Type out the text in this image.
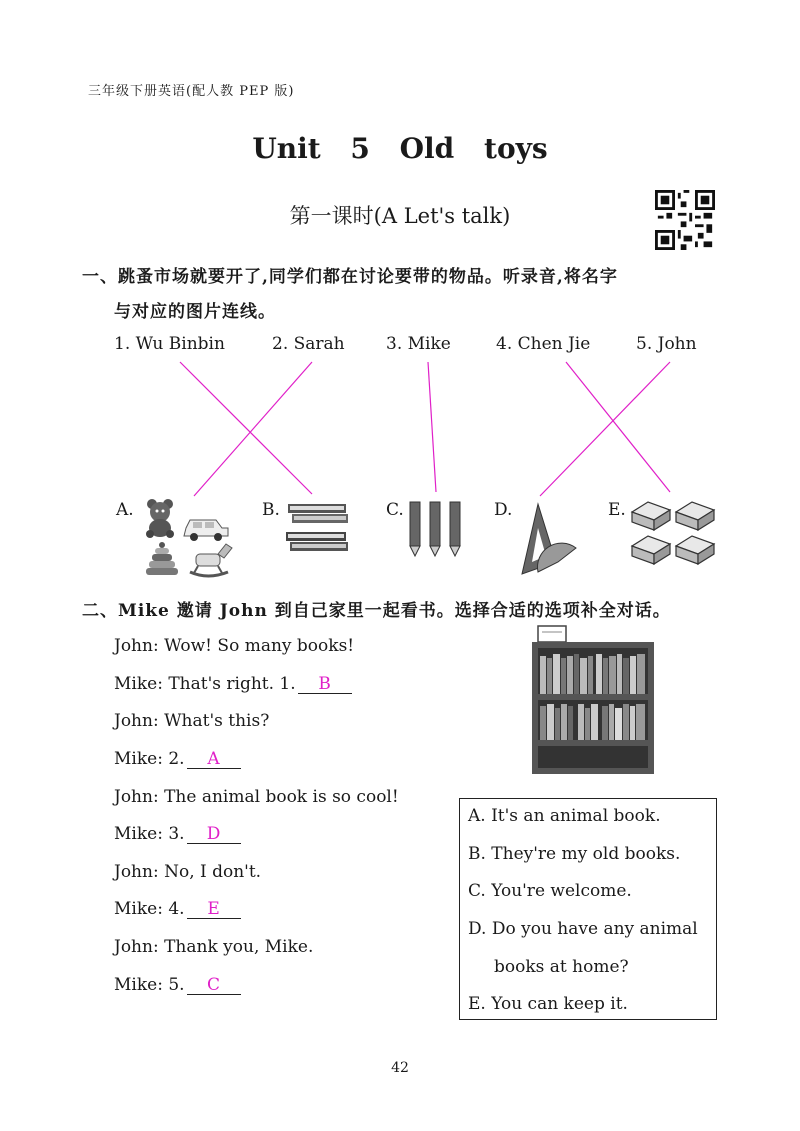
三年级下册英语(配人教 PEP 版)
Unit 5 Old toys
第一课时(A Let's talk)
一、跳蚤市场就要开了,同学们都在讨论要带的物品。听录音,将名字
与对应的图片连线。
1. Wu Binbin	2. Sarah 3. Mike	4. Chen Jie	5. John
A.	B.	C.	D.	E.
二、Mike 邀请 John 到自己家里一起看书。选择合适的选项补全对话。
John: Wow! So many books!
Mike: That's right. 1. B
John: What's this?
Mike: 2. A
John: The animal book is so cool!
Mike: 3. D
John: No, I don't.
Mike: 4. E
John: Thank you, Mike.
Mike: 5. C
A. It's an animal book.
B. They're my old books.
C. You're welcome.
D. Do you have any animal
books at home?
E. You can keep it.
42
